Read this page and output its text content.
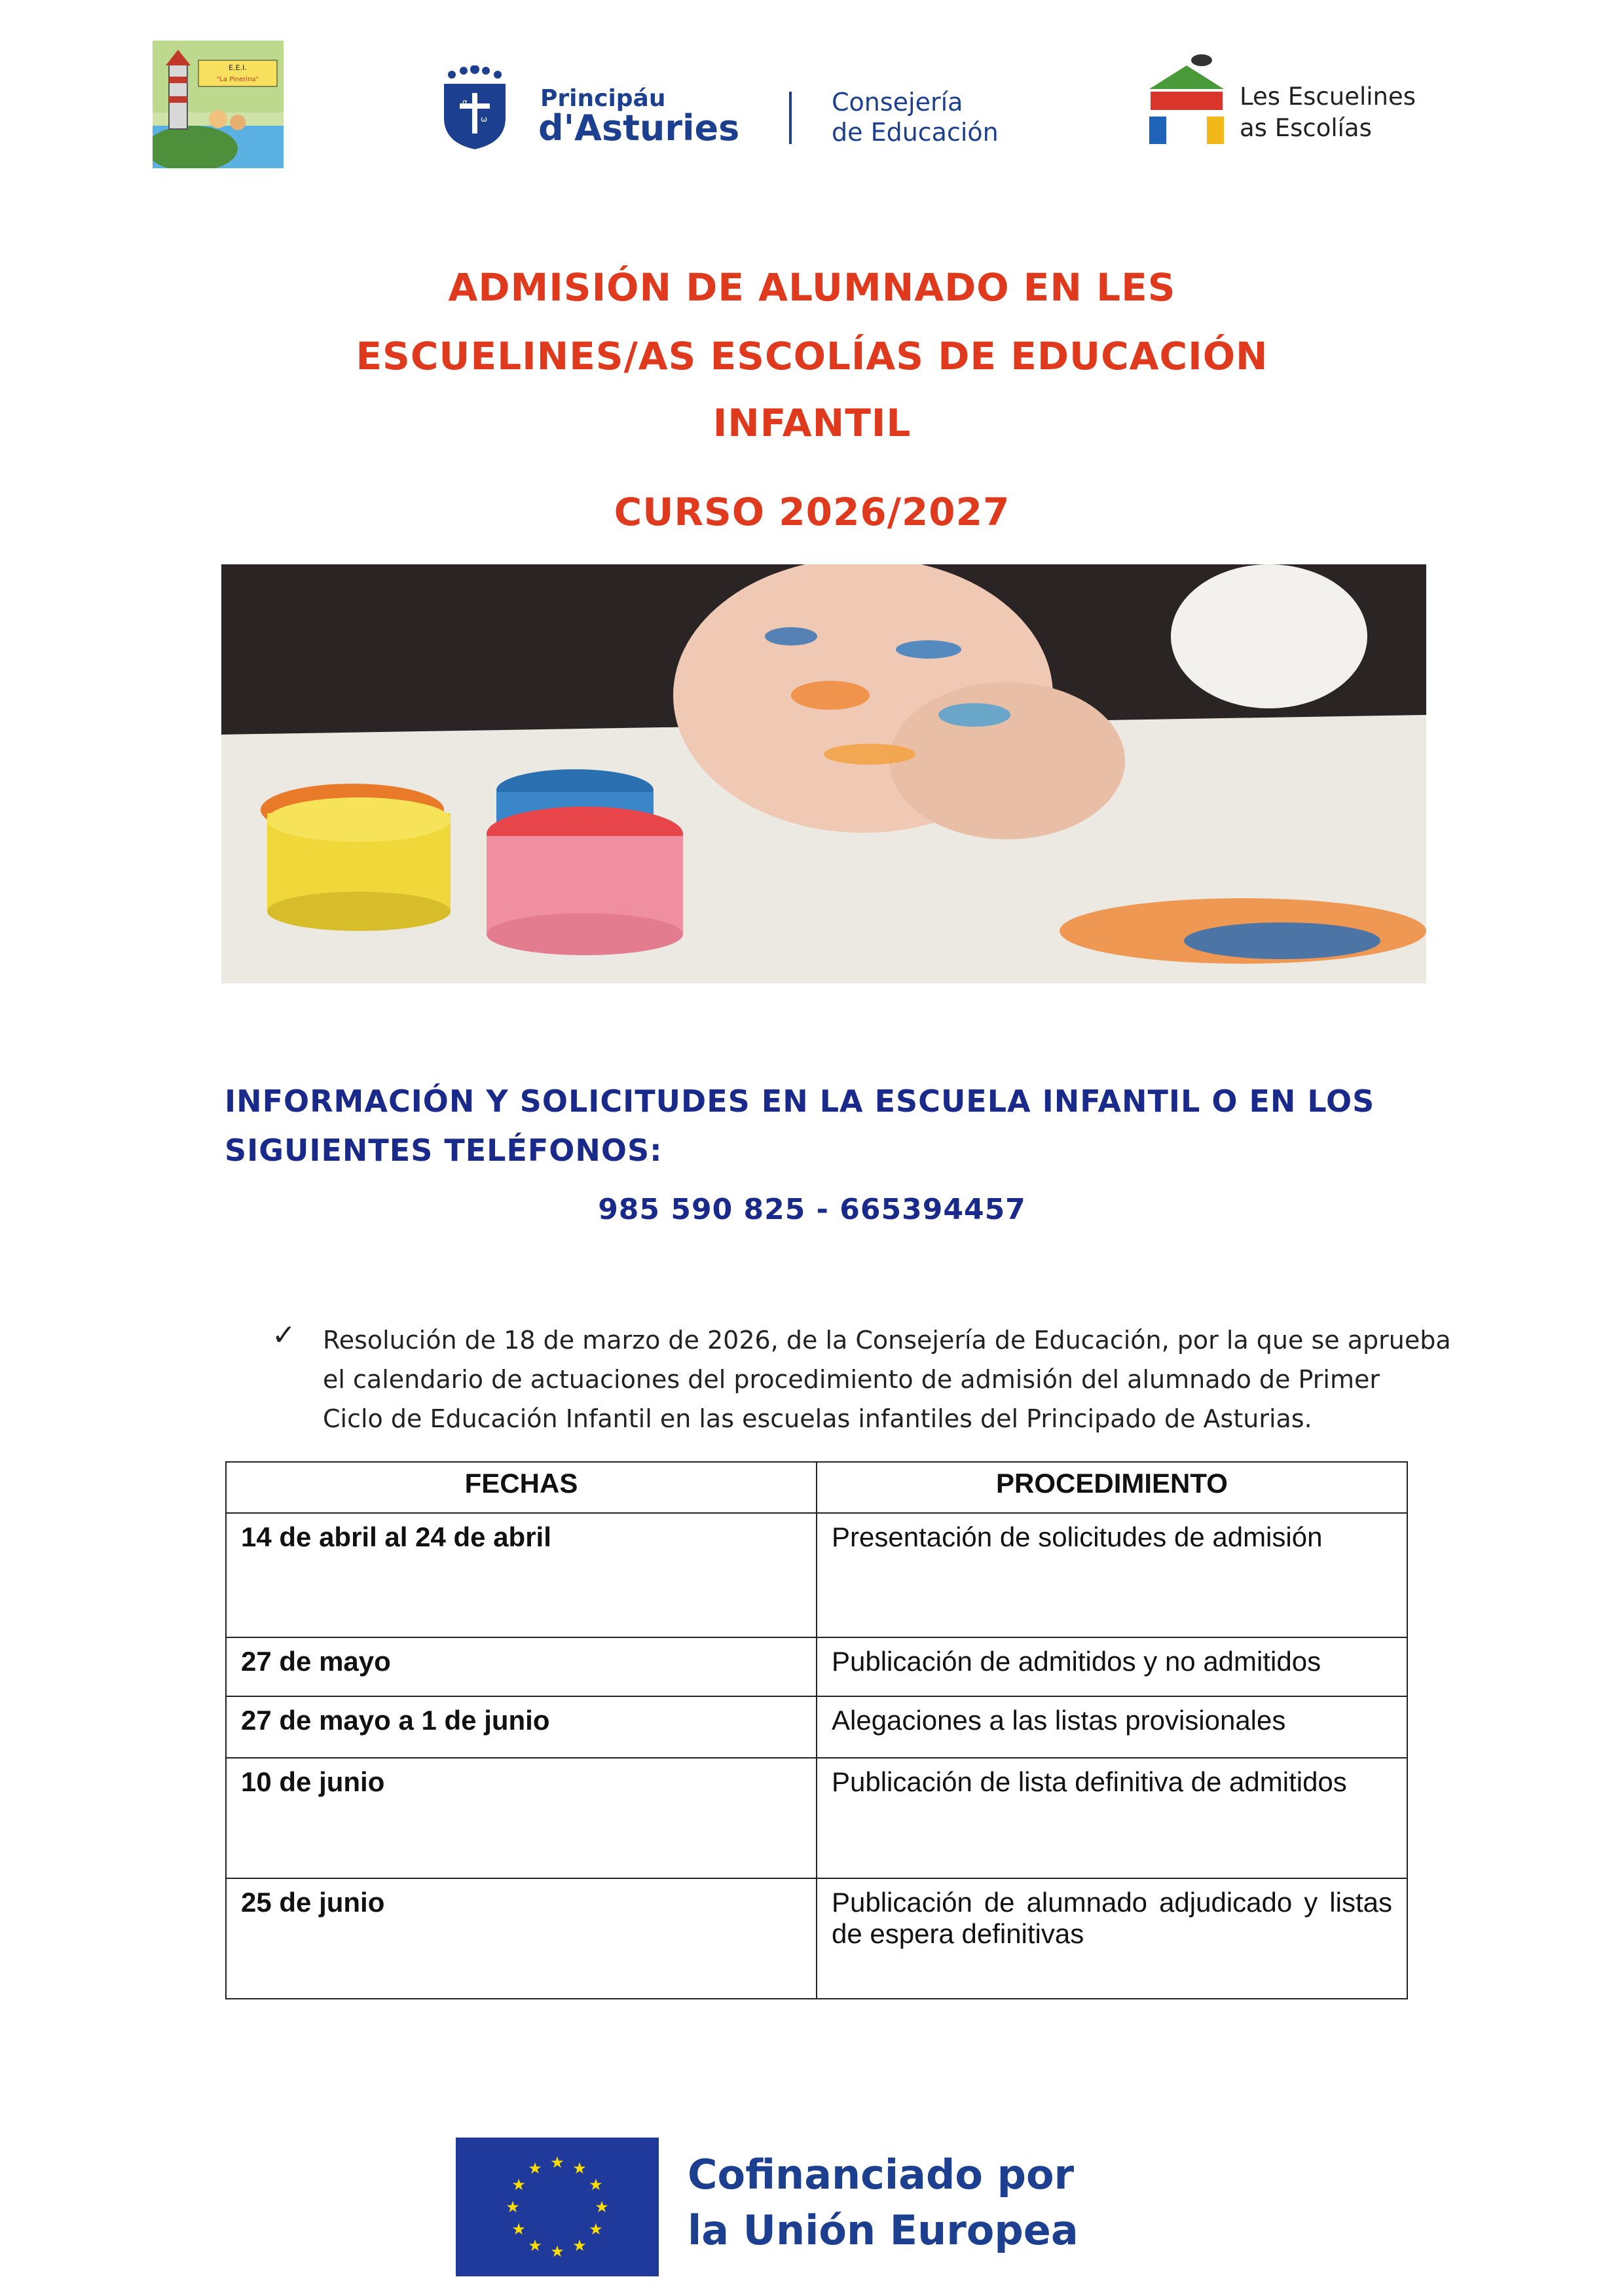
E.E.I.
"La Pinerina"
α
ω
Principáu
d'Asturies
Consejería
de Educación
Les Escuelines
as Escolías
ADMISIÓN DE ALUMNADO EN LES
ESCUELINES/AS ESCOLÍAS DE EDUCACIÓN
INFANTIL
CURSO 2026/2027
INFORMACIÓN Y SOLICITUDES EN LA ESCUELA INFANTIL O EN LOS
SIGUIENTES TELÉFONOS:
985 590 825 - 665394457
✓ Resolución de 18 de marzo de 2026, de la Consejería de Educación, por la que se aprueba
el calendario de actuaciones del procedimiento de admisión del alumnado de Primer
Ciclo de Educación Infantil en las escuelas infantiles del Principado de Asturias.
FECHAS	PROCEDIMIENTO
14 de abril al 24 de abril	Presentación de solicitudes de admisión
27 de mayo	Publicación de admitidos y no admitidos
27 de mayo a 1 de junio	Alegaciones a las listas provisionales
10 de junio	Publicación de lista definitiva de admitidos
25 de junio	Publicación de alumnado adjudicado y listas de espera definitivas
★ ★
★
★
★
★
★
★
★
★
★
★	Cofinanciado por
la Unión Europea
